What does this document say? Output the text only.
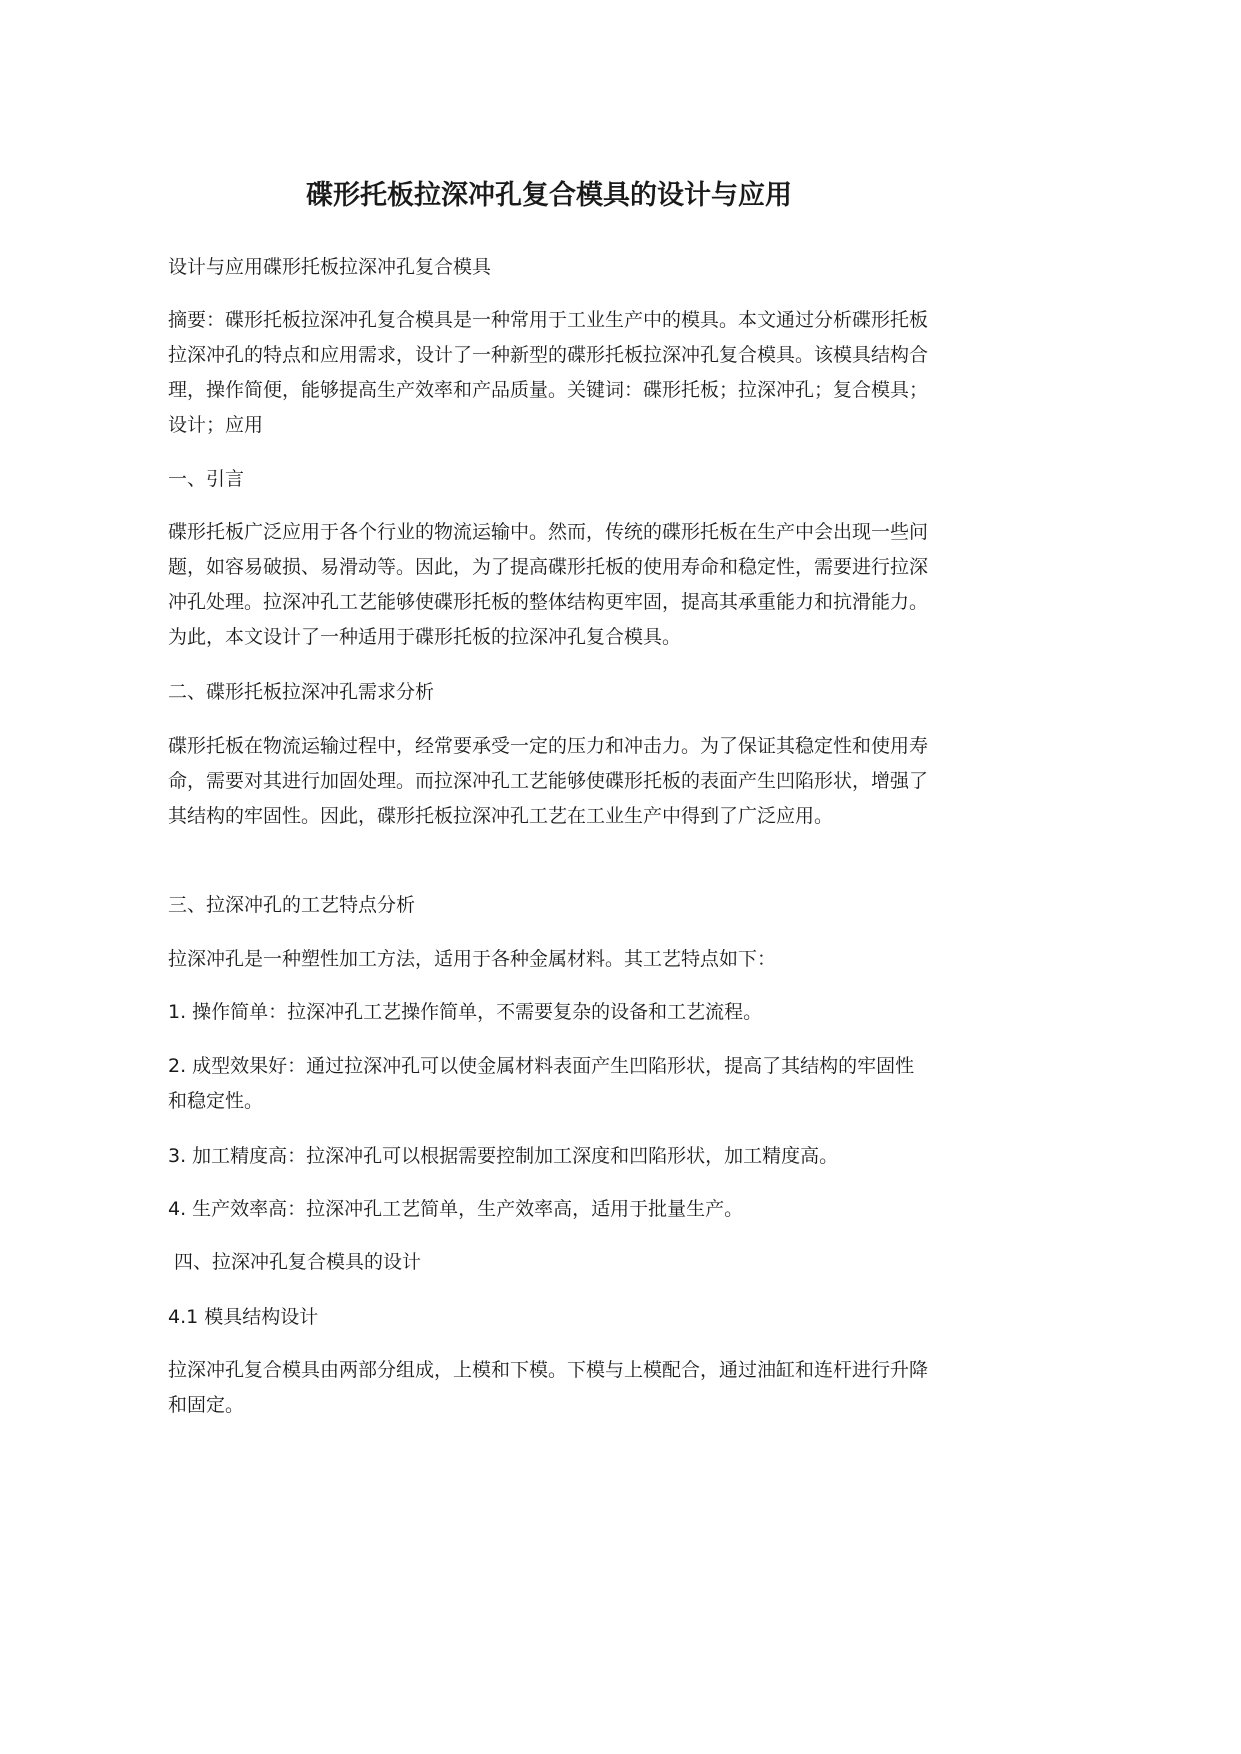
碟形托板拉深冲孔复合模具的设计与应用

设计与应用碟形托板拉深冲孔复合模具

摘要：碟形托板拉深冲孔复合模具是一种常用于工业生产中的模具。本文通过分析碟形托板拉深冲孔的特点和应用需求，设计了一种新型的碟形托板拉深冲孔复合模具。该模具结构合理，操作简便，能够提高生产效率和产品质量。关键词：碟形托板；拉深冲孔；复合模具；设计；应用

一、引言

碟形托板广泛应用于各个行业的物流运输中。然而，传统的碟形托板在生产中会出现一些问题，如容易破损、易滑动等。因此，为了提高碟形托板的使用寿命和稳定性，需要进行拉深冲孔处理。拉深冲孔工艺能够使碟形托板的整体结构更牢固，提高其承重能力和抗滑能力。为此，本文设计了一种适用于碟形托板的拉深冲孔复合模具。

二、碟形托板拉深冲孔需求分析

碟形托板在物流运输过程中，经常要承受一定的压力和冲击力。为了保证其稳定性和使用寿命，需要对其进行加固处理。而拉深冲孔工艺能够使碟形托板的表面产生凹陷形状，增强了其结构的牢固性。因此，碟形托板拉深冲孔工艺在工业生产中得到了广泛应用。

三、拉深冲孔的工艺特点分析

拉深冲孔是一种塑性加工方法，适用于各种金属材料。其工艺特点如下：

1. 操作简单：拉深冲孔工艺操作简单，不需要复杂的设备和工艺流程。

2. 成型效果好：通过拉深冲孔可以使金属材料表面产生凹陷形状，提高了其结构的牢固性和稳定性。

3. 加工精度高：拉深冲孔可以根据需要控制加工深度和凹陷形状，加工精度高。

4. 生产效率高：拉深冲孔工艺简单，生产效率高，适用于批量生产。

四、拉深冲孔复合模具的设计

4.1 模具结构设计

拉深冲孔复合模具由两部分组成，上模和下模。下模与上模配合，通过油缸和连杆进行升降和固定。
